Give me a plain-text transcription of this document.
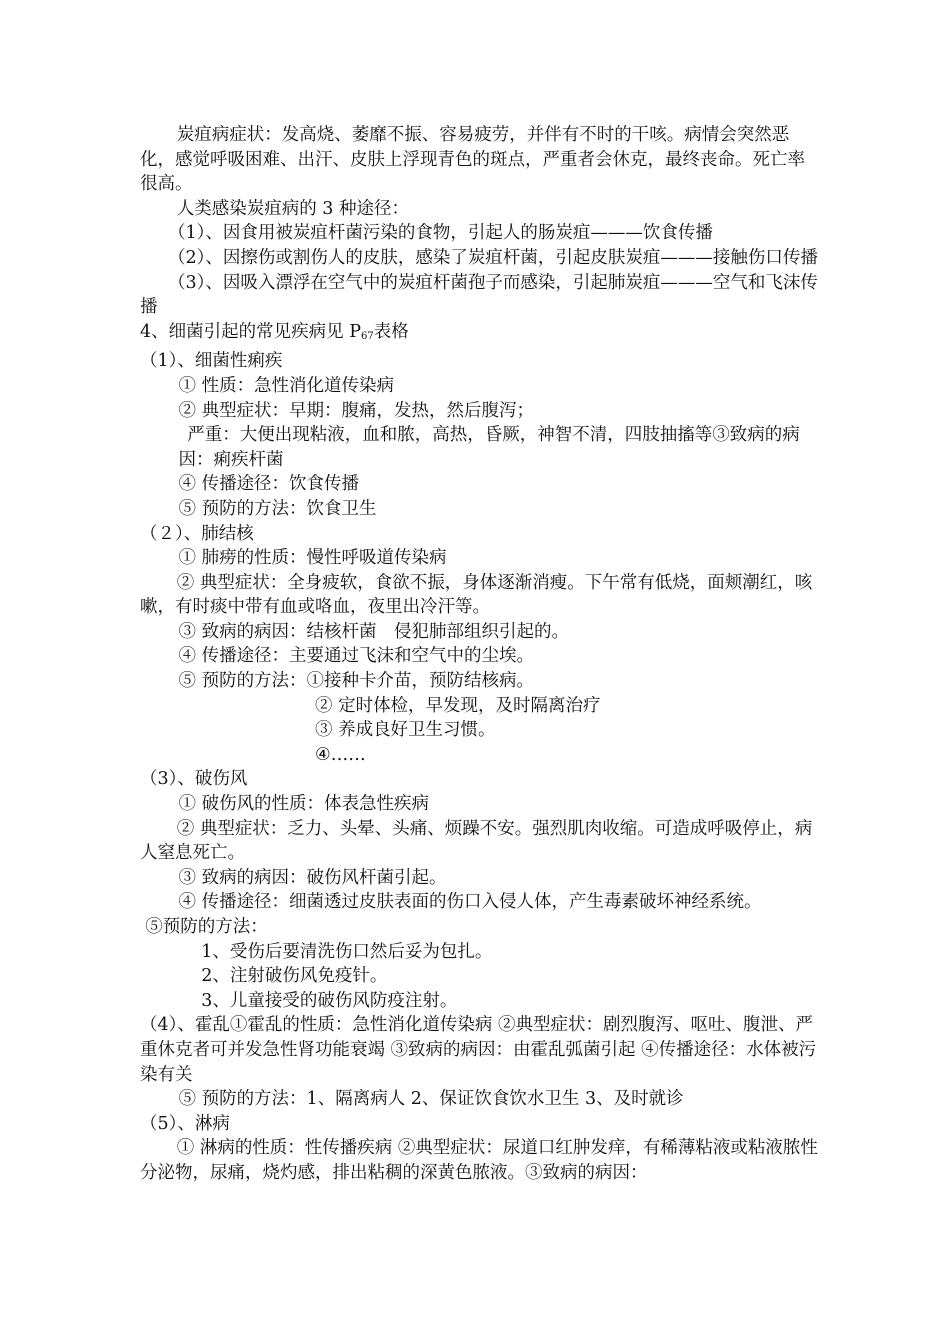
炭疽病症状：发高烧、萎靡不振、容易疲劳，并伴有不时的干咳。病情会突然恶化，感觉呼吸困难、出汗、皮肤上浮现青色的斑点，严重者会休克，最终丧命。死亡率很高。

人类感染炭疽病的 3 种途径：

（1）、因食用被炭疽杆菌污染的食物，引起人的肠炭疽———饮食传播

（2）、因擦伤或割伤人的皮肤，感染了炭疽杆菌，引起皮肤炭疽———接触伤口传播

（3）、因吸入漂浮在空气中的炭疽杆菌孢子而感染，引起肺炭疽———空气和飞沫传播

4、细菌引起的常见疾病见 $P_{67}$表格

（1）、细菌性痢疾

① 性质：急性消化道传染病

② 典型症状：早期：腹痛，发热，然后腹泻；

严重：大便出现粘液，血和脓，高热，昏厥，神智不清，四肢抽搐等③致病的病因：痢疾杆菌

④ 传播途径：饮食传播

⑤ 预防的方法：饮食卫生

（２）、肺结核

① 肺痨的性质：慢性呼吸道传染病

② 典型症状：全身疲软，食欲不振，身体逐渐消瘦。下午常有低烧，面颊潮红，咳嗽，有时痰中带有血或咯血，夜里出冷汗等。

③ 致病的病因：结核杆菌　侵犯肺部组织引起的。

④ 传播途径：主要通过飞沫和空气中的尘埃。

⑤ 预防的方法：①接种卡介苗，预防结核病。

② 定时体检，早发现，及时隔离治疗

③ 养成良好卫生习惯。

④……

（3）、破伤风

① 破伤风的性质：体表急性疾病

② 典型症状：乏力、头晕、头痛、烦躁不安。强烈肌肉收缩。可造成呼吸停止，病人窒息死亡。

③ 致病的病因：破伤风杆菌引起。

④ 传播途径：细菌透过皮肤表面的伤口入侵人体，产生毒素破坏神经系统。

⑤预防的方法：

1、受伤后要清洗伤口然后妥为包扎。

2、注射破伤风免疫针。

3、儿童接受的破伤风防疫注射。

（4）、霍乱①霍乱的性质：急性消化道传染病 ②典型症状：剧烈腹泻、呕吐、腹泄、严重休克者可并发急性肾功能衰竭 ③致病的病因：由霍乱弧菌引起 ④传播途径：水体被污染有关

⑤ 预防的方法：1、隔离病人 2、保证饮食饮水卫生 3、及时就诊

（5）、淋病

① 淋病的性质：性传播疾病 ②典型症状：尿道口红肿发痒，有稀薄粘液或粘液脓性分泌物，尿痛，烧灼感，排出粘稠的深黄色脓液。③致病的病因：
